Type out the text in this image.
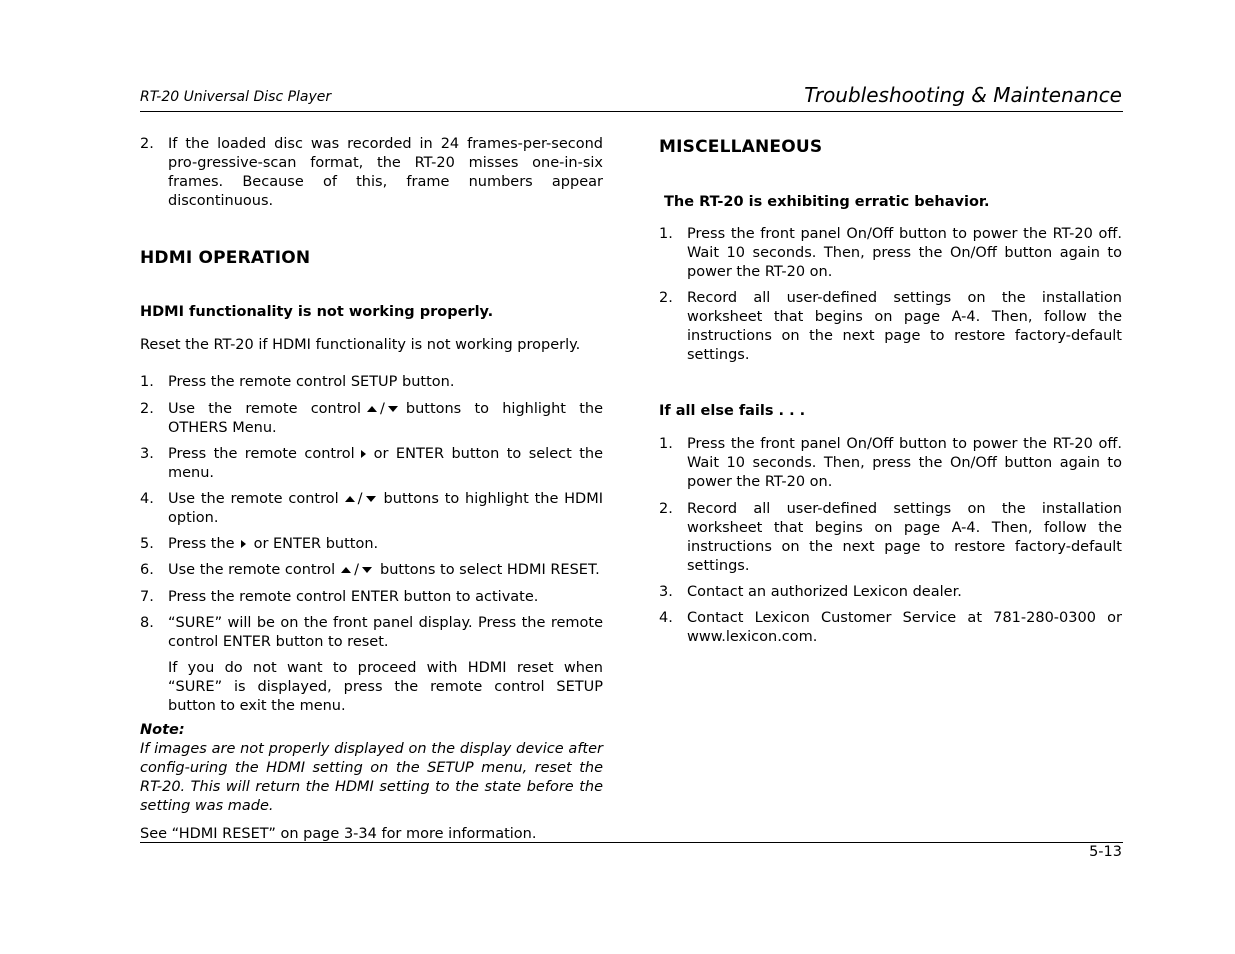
RT-20 Universal Disc Player	Troubleshooting & Maintenance
2. If the loaded disc was recorded in 24 frames-per-second pro-gressive-scan format, the RT-20 misses one-in-six frames. Because of this, frame numbers appear discontinuous.
HDMI OPERATION
HDMI functionality is not working properly.
Reset the RT-20 if HDMI functionality is not working properly.
1. Press the remote control SETUP button.
2. Use the remote control / buttons to highlight the OTHERS Menu.
3. Press the remote control or ENTER button to select the menu.
4. Use the remote control / buttons to highlight the HDMI option.
5. Press the or ENTER button.
6. Use the remote control / buttons to select HDMI RESET.
7. Press the remote control ENTER button to activate.
8. “SURE” will be on the front panel display. Press the remote control ENTER button to reset.
If you do not want to proceed with HDMI reset when “SURE” is displayed, press the remote control SETUP button to exit the menu.
Note:
If images are not properly displayed on the display device after config-uring the HDMI setting on the SETUP menu, reset the RT-20. This will return the HDMI setting to the state before the setting was made.
See “HDMI RESET” on page 3-34 for more information.
MISCELLANEOUS
The RT-20 is exhibiting erratic behavior.
1. Press the front panel On/Off button to power the RT-20 off. Wait 10 seconds. Then, press the On/Off button again to power the RT-20 on.
2. Record all user-defined settings on the installation worksheet that begins on page A-4. Then, follow the instructions on the next page to restore factory-default settings.
If all else fails . . .
1. Press the front panel On/Off button to power the RT-20 off. Wait 10 seconds. Then, press the On/Off button again to power the RT-20 on.
2. Record all user-defined settings on the installation worksheet that begins on page A-4. Then, follow the instructions on the next page to restore factory-default settings.
3. Contact an authorized Lexicon dealer.
4. Contact Lexicon Customer Service at 781-280-0300 or www.lexicon.com.
5-13
